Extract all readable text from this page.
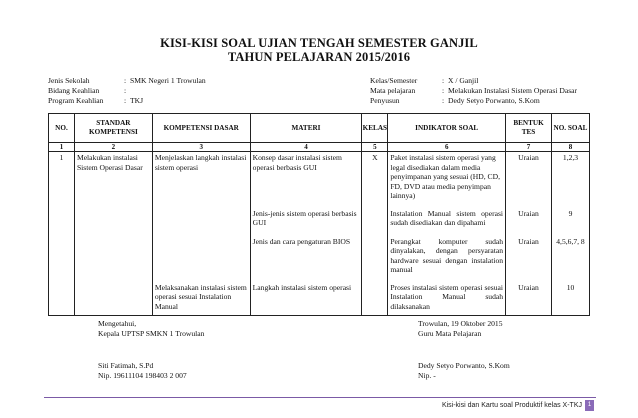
KISI-KISI SOAL UJIAN TENGAH SEMESTER GANJIL
TAHUN PELAJARAN 2015/2016
Jenis Sekolah	: SMK Negeri 1 Trowulan
Bidang Keahlian	:
Program Keahlian	: TKJ
Kelas/Semester	: X / Ganjil
Mata pelajaran	: Melakukan Instalasi Sistem Operasi Dasar
Penyusun	: Dedy Setyo Porwanto, S.Kom
NO.	STANDAR KOMPETENSI	KOMPETENSI DASAR	MATERI	KELAS	INDIKATOR SOAL	BENTUK TES	NO. SOAL
1	2	3	4	5	6	7	8
1	Melakukan instalasi Sistem Operasi Dasar	Menjelaskan langkah instalasi sistem operasi	Konsep dasar instalasi sistem operasi berbasis GUI	X	Paket instalasi sistem operasi yang legal disediakan dalam media penyimpanan yang sesuai (HD, CD, FD, DVD atau media penyimpan lainnya)	Uraian	1,2,3
			Jenis-jenis sistem operasi berbasis GUI		Instalation Manual sistem operasi sudah disediakan dan dipahami	Uraian	9
			Jenis dan cara pengaturan BIOS		Perangkat komputer sudah dinyalakan, dengan persyaratan hardware sesuai dengan instalation manual	Uraian	4,5,6,7, 8
		Melaksanakan instalasi sistem operasi sesuai Instalation Manual	Langkah instalasi sistem operasi		Proses instalasi sistem operasi sesuai Instalation Manual sudah dilaksanakan	Uraian	10
Mengetahui,
Kepala UPTSP SMKN 1 Trowulan
Siti Fatimah, S.Pd
Nip. 19611104 198403 2 007
Trowulan, 19 Oktober 2015
Guru Mata Pelajaran
Dedy Setyo Porwanto, S.Kom
Nip. -
Kisi-kisi dan Kartu soal Produktif kelas X-TKJ 1
